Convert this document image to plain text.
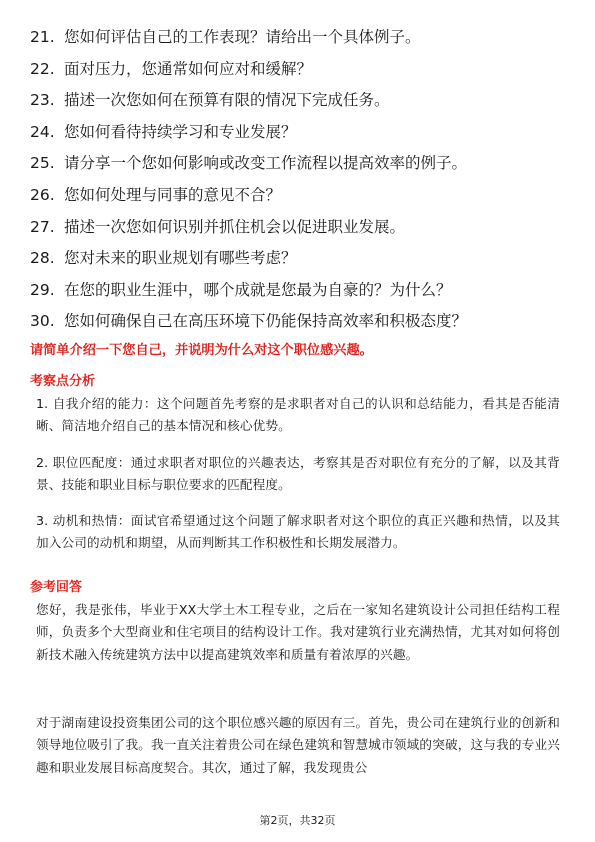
21. 您如何评估自己的工作表现？请给出一个具体例子。
22. 面对压力，您通常如何应对和缓解？
23. 描述一次您如何在预算有限的情况下完成任务。
24. 您如何看待持续学习和专业发展？
25. 请分享一个您如何影响或改变工作流程以提高效率的例子。
26. 您如何处理与同事的意见不合？
27. 描述一次您如何识别并抓住机会以促进职业发展。
28. 您对未来的职业规划有哪些考虑？
29. 在您的职业生涯中，哪个成就是您最为自豪的？为什么？
30. 您如何确保自己在高压环境下仍能保持高效率和积极态度？
请简单介绍一下您自己，并说明为什么对这个职位感兴趣。
考察点分析
1. 自我介绍的能力：这个问题首先考察的是求职者对自己的认识和总结能力，看其是否能清晰、简洁地介绍自己的基本情况和核心优势。
2. 职位匹配度：通过求职者对职位的兴趣表达，考察其是否对职位有充分的了解，以及其背景、技能和职业目标与职位要求的匹配程度。
3. 动机和热情：面试官希望通过这个问题了解求职者对这个职位的真正兴趣和热情，以及其加入公司的动机和期望，从而判断其工作积极性和长期发展潜力。
参考回答
您好，我是张伟，毕业于XX大学土木工程专业，之后在一家知名建筑设计公司担任结构工程师，负责多个大型商业和住宅项目的结构设计工作。我对建筑行业充满热情，尤其对如何将创新技术融入传统建筑方法中以提高建筑效率和质量有着浓厚的兴趣。
对于湖南建设投资集团公司的这个职位感兴趣的原因有三。首先，贵公司在建筑行业的创新和领导地位吸引了我。我一直关注着贵公司在绿色建筑和智慧城市领域的突破，这与我的专业兴趣和职业发展目标高度契合。其次，通过了解，我发现贵公
第2页，共32页
